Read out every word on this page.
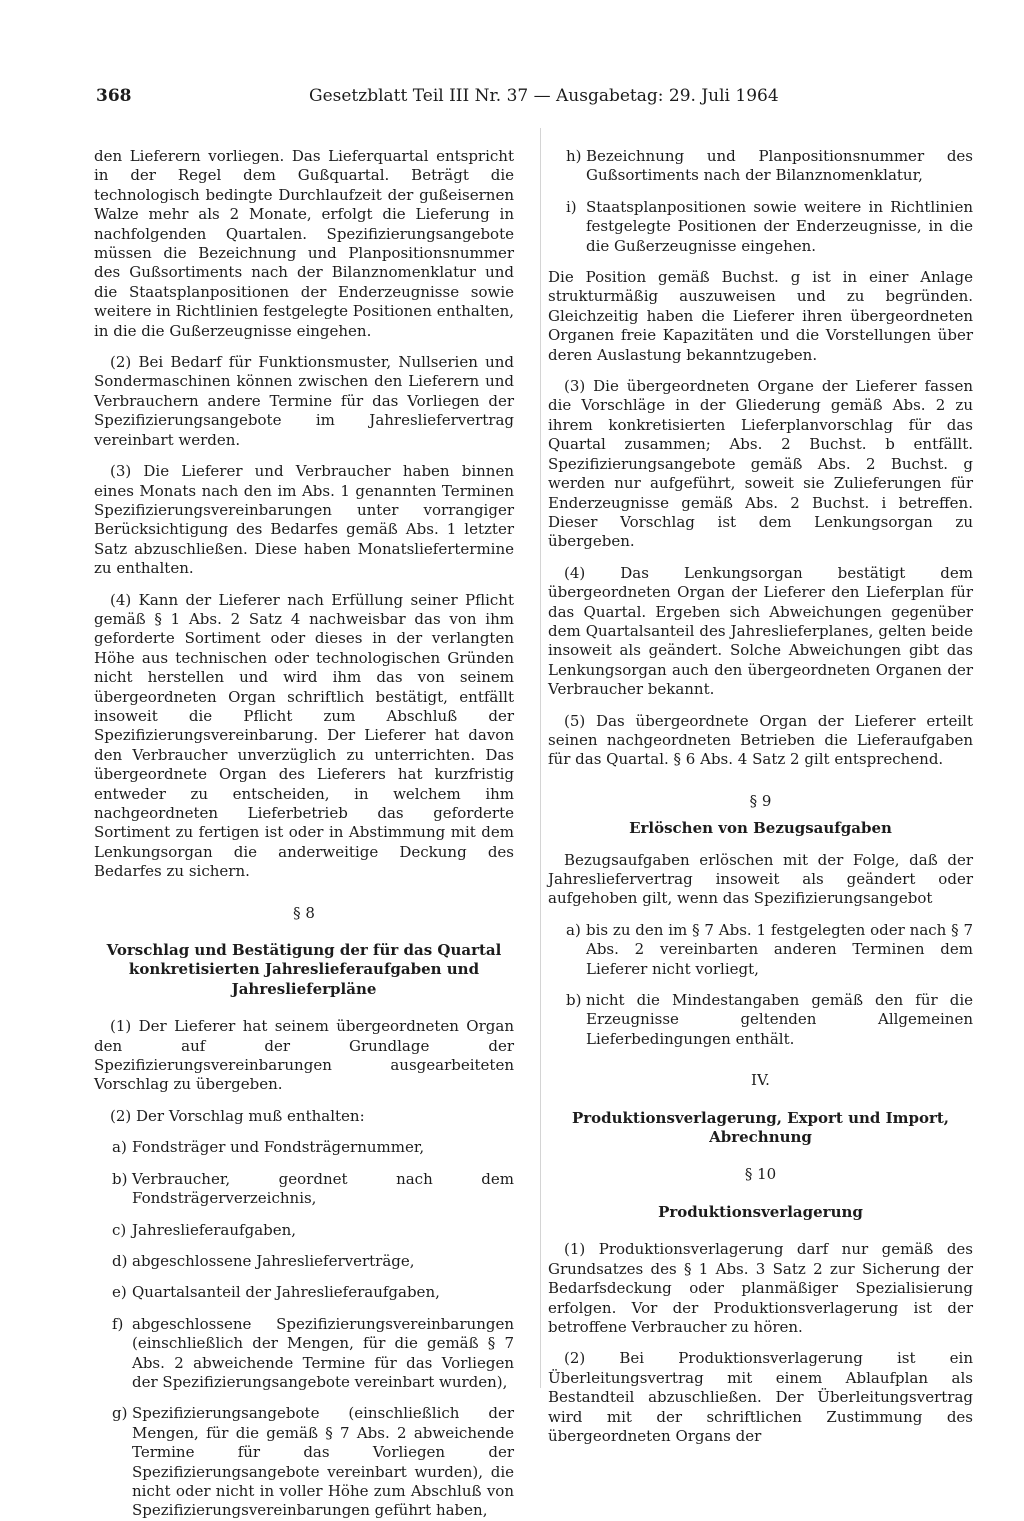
368	Gesetzblatt Teil III Nr. 37 — Ausgabetag: 29. Juli 1964

den Lieferern vorliegen. Das Lieferquartal entspricht in der Regel dem Gußquartal. Beträgt die technologisch bedingte Durchlaufzeit der gußeisernen Walze mehr als 2 Monate, erfolgt die Lieferung in nachfolgenden Quartalen. Spezifizierungsangebote müssen die Bezeichnung und Planpositionsnummer des Gußsortiments nach der Bilanznomenklatur und die Staatsplanpositionen der Enderzeugnisse sowie weitere in Richtlinien festgelegte Positionen enthalten, in die die Gußerzeugnisse eingehen.

(2) Bei Bedarf für Funktionsmuster, Nullserien und Sondermaschinen können zwischen den Lieferern und Verbrauchern andere Termine für das Vorliegen der Spezifizierungsangebote im Jahresliefervertrag vereinbart werden.

(3) Die Lieferer und Verbraucher haben binnen eines Monats nach den im Abs. 1 genannten Terminen Spezifizierungsvereinbarungen unter vorrangiger Berücksichtigung des Bedarfes gemäß Abs. 1 letzter Satz abzuschließen. Diese haben Monatsliefertermine zu enthalten.

(4) Kann der Lieferer nach Erfüllung seiner Pflicht gemäß § 1 Abs. 2 Satz 4 nachweisbar das von ihm geforderte Sortiment oder dieses in der verlangten Höhe aus technischen oder technologischen Gründen nicht herstellen und wird ihm das von seinem übergeordneten Organ schriftlich bestätigt, entfällt insoweit die Pflicht zum Abschluß der Spezifizierungsvereinbarung. Der Lieferer hat davon den Verbraucher unverzüglich zu unterrichten. Das übergeordnete Organ des Lieferers hat kurzfristig entweder zu entscheiden, in welchem ihm nachgeordneten Lieferbetrieb das geforderte Sortiment zu fertigen ist oder in Abstimmung mit dem Lenkungsorgan die anderweitige Deckung des Bedarfes zu sichern.

§ 8

Vorschlag und Bestätigung der für das Quartal konkretisierten Jahreslieferaufgaben und Jahreslieferpläne

(1) Der Lieferer hat seinem übergeordneten Organ den auf der Grundlage der Spezifizierungsvereinbarungen ausgearbeiteten Vorschlag zu übergeben.

(2) Der Vorschlag muß enthalten:

a) Fondsträger und Fondsträgernummer,
b) Verbraucher, geordnet nach dem Fondsträgerverzeichnis,
c) Jahreslieferaufgaben,
d) abgeschlossene Jahreslieferverträge,
e) Quartalsanteil der Jahreslieferaufgaben,
f) abgeschlossene Spezifizierungsvereinbarungen (einschließlich der Mengen, für die gemäß § 7 Abs. 2 abweichende Termine für das Vorliegen der Spezifizierungsangebote vereinbart wurden),
g) Spezifizierungsangebote (einschließlich der Mengen, für die gemäß § 7 Abs. 2 abweichende Termine für das Vorliegen der Spezifizierungsangebote vereinbart wurden), die nicht oder nicht in voller Höhe zum Abschluß von Spezifizierungsvereinbarungen geführt haben,
h) Bezeichnung und Planpositionsnummer des Gußsortiments nach der Bilanznomenklatur,
i) Staatsplanpositionen sowie weitere in Richtlinien festgelegte Positionen der Enderzeugnisse, in die die Gußerzeugnisse eingehen.

Die Position gemäß Buchst. g ist in einer Anlage strukturmäßig auszuweisen und zu begründen. Gleichzeitig haben die Lieferer ihren übergeordneten Organen freie Kapazitäten und die Vorstellungen über deren Auslastung bekanntzugeben.

(3) Die übergeordneten Organe der Lieferer fassen die Vorschläge in der Gliederung gemäß Abs. 2 zu ihrem konkretisierten Lieferplanvorschlag für das Quartal zusammen; Abs. 2 Buchst. b entfällt. Spezifizierungsangebote gemäß Abs. 2 Buchst. g werden nur aufgeführt, soweit sie Zulieferungen für Enderzeugnisse gemäß Abs. 2 Buchst. i betreffen. Dieser Vorschlag ist dem Lenkungsorgan zu übergeben.

(4) Das Lenkungsorgan bestätigt dem übergeordneten Organ der Lieferer den Lieferplan für das Quartal. Ergeben sich Abweichungen gegenüber dem Quartalsanteil des Jahreslieferplanes, gelten beide insoweit als geändert. Solche Abweichungen gibt das Lenkungsorgan auch den übergeordneten Organen der Verbraucher bekannt.

(5) Das übergeordnete Organ der Lieferer erteilt seinen nachgeordneten Betrieben die Lieferaufgaben für das Quartal. § 6 Abs. 4 Satz 2 gilt entsprechend.

§ 9

Erlöschen von Bezugsaufgaben

Bezugsaufgaben erlöschen mit der Folge, daß der Jahresliefervertrag insoweit als geändert oder aufgehoben gilt, wenn das Spezifizierungsangebot

a) bis zu den im § 7 Abs. 1 festgelegten oder nach § 7 Abs. 2 vereinbarten anderen Terminen dem Lieferer nicht vorliegt,
b) nicht die Mindestangaben gemäß den für die Erzeugnisse geltenden Allgemeinen Lieferbedingungen enthält.

IV.

Produktionsverlagerung, Export und Import, Abrechnung

§ 10

Produktionsverlagerung

(1) Produktionsverlagerung darf nur gemäß des Grundsatzes des § 1 Abs. 3 Satz 2 zur Sicherung der Bedarfsdeckung oder planmäßiger Spezialisierung erfolgen. Vor der Produktionsverlagerung ist der betroffene Verbraucher zu hören.

(2) Bei Produktionsverlagerung ist ein Überleitungsvertrag mit einem Ablaufplan als Bestandteil abzuschließen. Der Überleitungsvertrag wird mit der schriftlichen Zustimmung des übergeordneten Organs der
